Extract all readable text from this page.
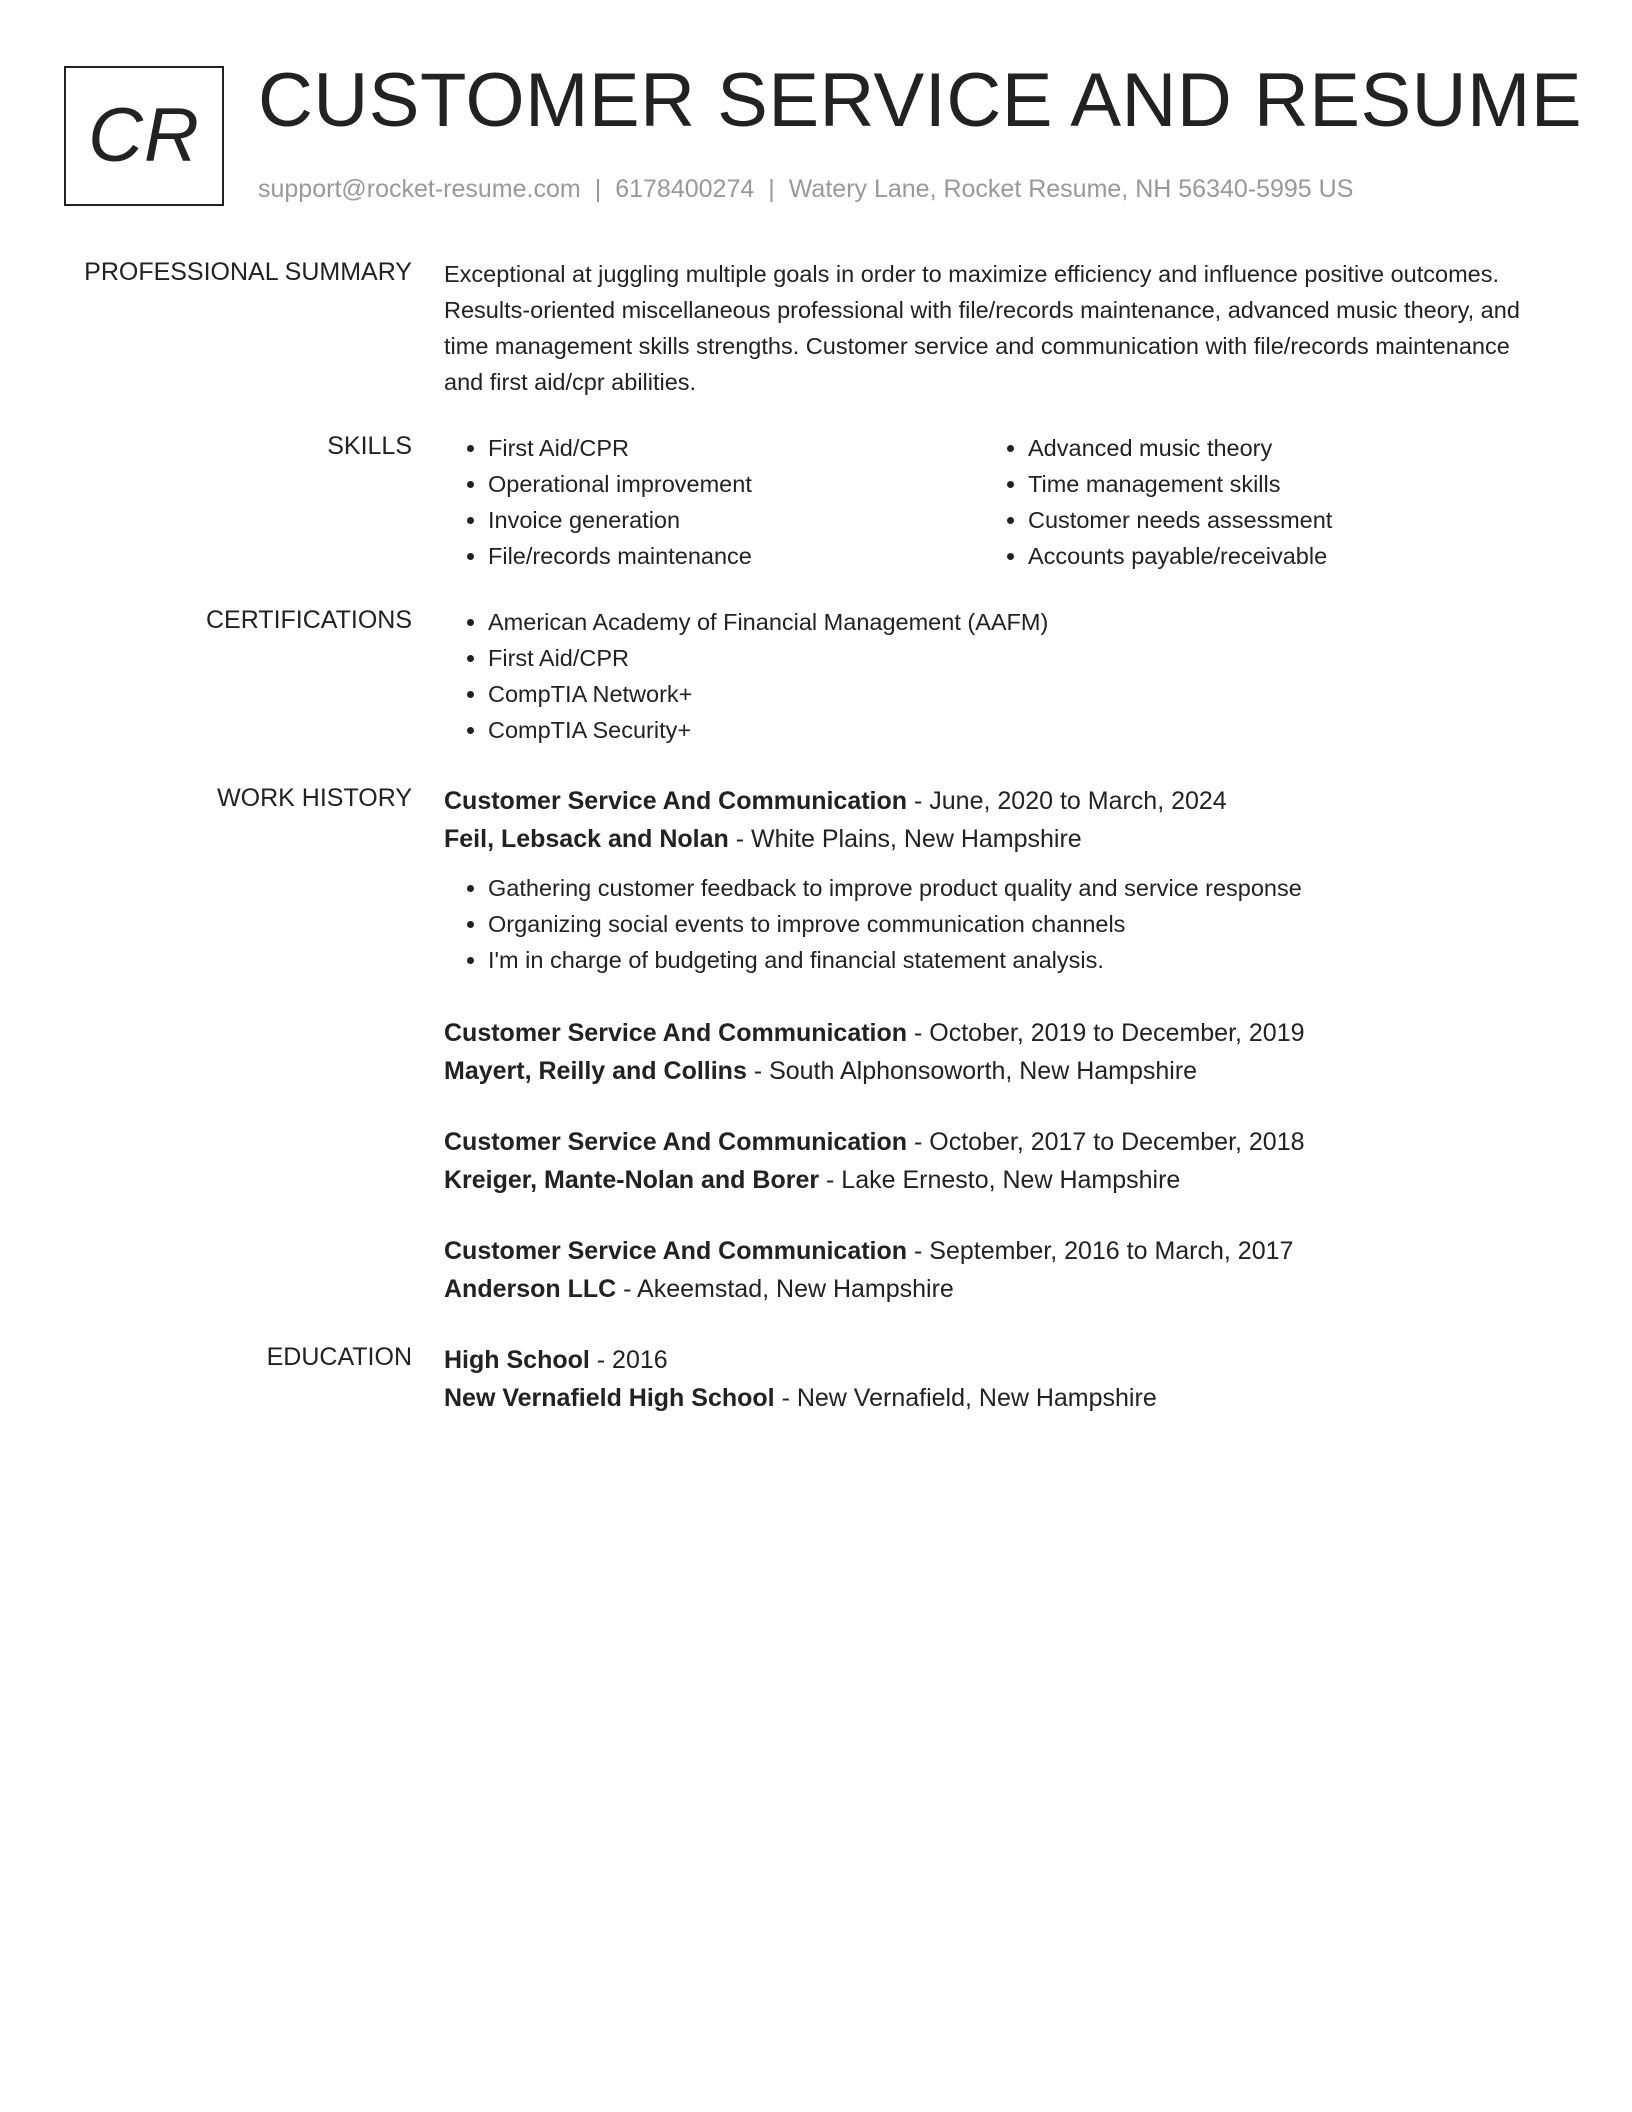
CR CUSTOMER SERVICE AND RESUME
support@rocket-resume.com | 6178400274 | Watery Lane, Rocket Resume, NH 56340-5995 US
PROFESSIONAL SUMMARY Exceptional at juggling multiple goals in order to maximize efficiency and influence positive outcomes. Results-oriented miscellaneous professional with file/records maintenance, advanced music theory, and time management skills strengths. Customer service and communication with file/records maintenance and first aid/cpr abilities.
SKILLS	• First Aid/CPR
• Operational improvement
• Invoice generation
• File/records maintenance
• Advanced music theory
• Time management skills
• Customer needs assessment
• Accounts payable/receivable
CERTIFICATIONS	• American Academy of Financial Management (AAFM)
• First Aid/CPR
• CompTIA Network+
• CompTIA Security+
WORK HISTORY Customer Service And Communication - June, 2020 to March, 2024
Feil, Lebsack and Nolan - White Plains, New Hampshire
• Gathering customer feedback to improve product quality and service response
• Organizing social events to improve communication channels
• I'm in charge of budgeting and financial statement analysis.
Customer Service And Communication - October, 2019 to December, 2019
Mayert, Reilly and Collins - South Alphonsoworth, New Hampshire
Customer Service And Communication - October, 2017 to December, 2018
Kreiger, Mante-Nolan and Borer - Lake Ernesto, New Hampshire
Customer Service And Communication - September, 2016 to March, 2017
Anderson LLC - Akeemstad, New Hampshire
EDUCATION High School - 2016
New Vernafield High School - New Vernafield, New Hampshire
